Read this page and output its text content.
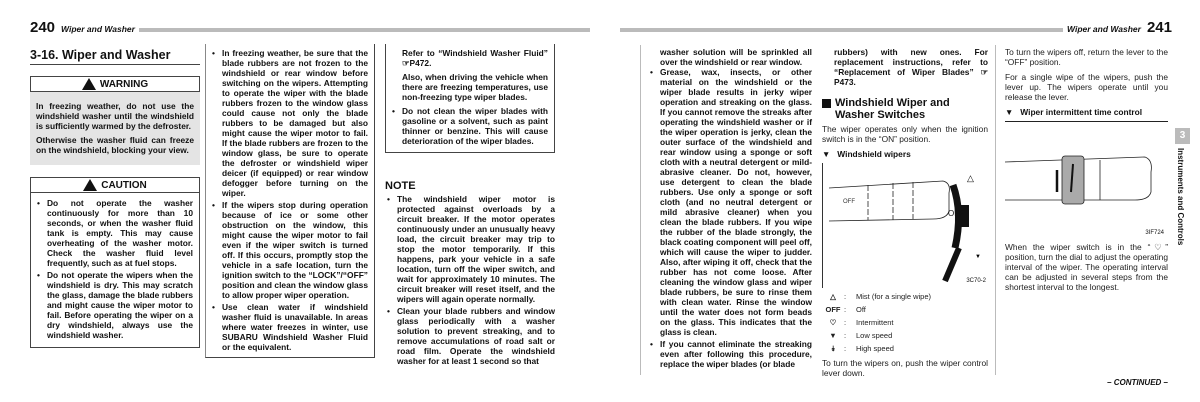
240 Wiper and Washer
3-16. Wiper and Washer
WARNING

In freezing weather, do not use the windshield washer until the windshield is sufficiently warmed by the defroster.

Otherwise the washer fluid can freeze on the windshield, blocking your view.

CAUTION
• Do not operate the washer continuously for more than 10 seconds, or when the washer fluid tank is empty. This may cause overheating of the washer motor. Check the washer fluid level frequently, such as at fuel stops.
• Do not operate the wipers when the windshield is dry. This may scratch the glass, damage the blade rubbers and might cause the wiper motor to fail. Before operating the wiper on a dry windshield, always use the windshield washer.
• In freezing weather, be sure that the blade rubbers are not frozen to the windshield or rear window before switching on the wipers. Attempting to operate the wiper with the blade rubbers frozen to the window glass could cause not only the blade rubbers to be damaged but also might cause the wiper motor to fail. If the blade rubbers are frozen to the window glass, be sure to operate the defroster or windshield wiper deicer (if equipped) or rear window defogger before turning on the wiper.
• If the wipers stop during operation because of ice or some other obstruction on the window, this might cause the wiper motor to fail even if the wiper switch is turned off. If this occurs, promptly stop the vehicle in a safe location, turn the ignition switch to the “LOCK”/“OFF” position and clean the window glass to allow proper wiper operation.
• Use clean water if windshield washer fluid is unavailable. In areas where water freezes in winter, use SUBARU Windshield Washer Fluid or the equivalent.

Refer to “Windshield Washer Fluid” ☞P472.

Also, when driving the vehicle when there are freezing temperatures, use non-freezing type wiper blades.

• Do not clean the wiper blades with gasoline or a solvent, such as paint thinner or benzine. This will cause deterioration of the wiper blades.
NOTE
• The windshield wiper motor is protected against overloads by a circuit breaker. If the motor operates continuously under an unusually heavy load, the circuit breaker may trip to stop the motor temporarily. If this happens, park your vehicle in a safe location, turn off the wiper switch, and wait for approximately 10 minutes. The circuit breaker will reset itself, and the wipers will again operate normally.
• Clean your blade rubbers and window glass periodically with a washer solution to prevent streaking, and to remove accumulations of road salt or road film. Operate the windshield washer for at least 1 second so that
Wiper and Washer 241

washer solution will be sprinkled all over the windshield or rear window.

• Grease, wax, insects, or other material on the windshield or the wiper blade results in jerky wiper operation and streaking on the glass. If you cannot remove the streaks after operating the windshield washer or if the wiper operation is jerky, clean the outer surface of the windshield and rear window using a sponge or soft cloth with a neutral detergent or mild-abrasive cleaner. Do not, however, use detergent to clean the blade rubbers. Use only a sponge or soft cloth (and no neutral detergent or mild abrasive cleaner) when you clean the blade rubbers. If you wipe the rubber of the blade strongly, the black coating component will peel off, which will cause the wiper to judder. Also, after wiping it off, check that the rubber has not come loose. After cleaning the window glass and wiper blade rubbers, be sure to rinse them with clean water. Rinse the window until the water does not form beads on the glass. This indicates that the glass is clean.
• If you cannot eliminate the streaking even after following this procedure, replace the wiper blades (or blade

rubbers) with new ones. For replacement instructions, refer to “Replacement of Wiper Blades” ☞P473.

Windshield Wiper and Washer Switches

The wiper operates only when the ignition switch is in the “ON” position.

▼   Windshield wipers
OFF
△
▼
OFF
3C70-2
△	:	Mist (for a single wipe)
OFF :	Off
♡	:	Intermittent
▼ :	Low speed
⯯	:	High speed

To turn the wipers on, push the wiper control lever down.

To turn the wipers off, return the lever to the “OFF” position.

For a single wipe of the wipers, push the lever up. The wipers operate until you release the lever.

▼   Wiper intermittent time control
3IF724

When the wiper switch is in the “♡” position, turn the dial to adjust the operating interval of the wiper. The operating interval can be adjusted in several steps from the shortest interval to the longest.

3
Instruments and Controls
– CONTINUED –
